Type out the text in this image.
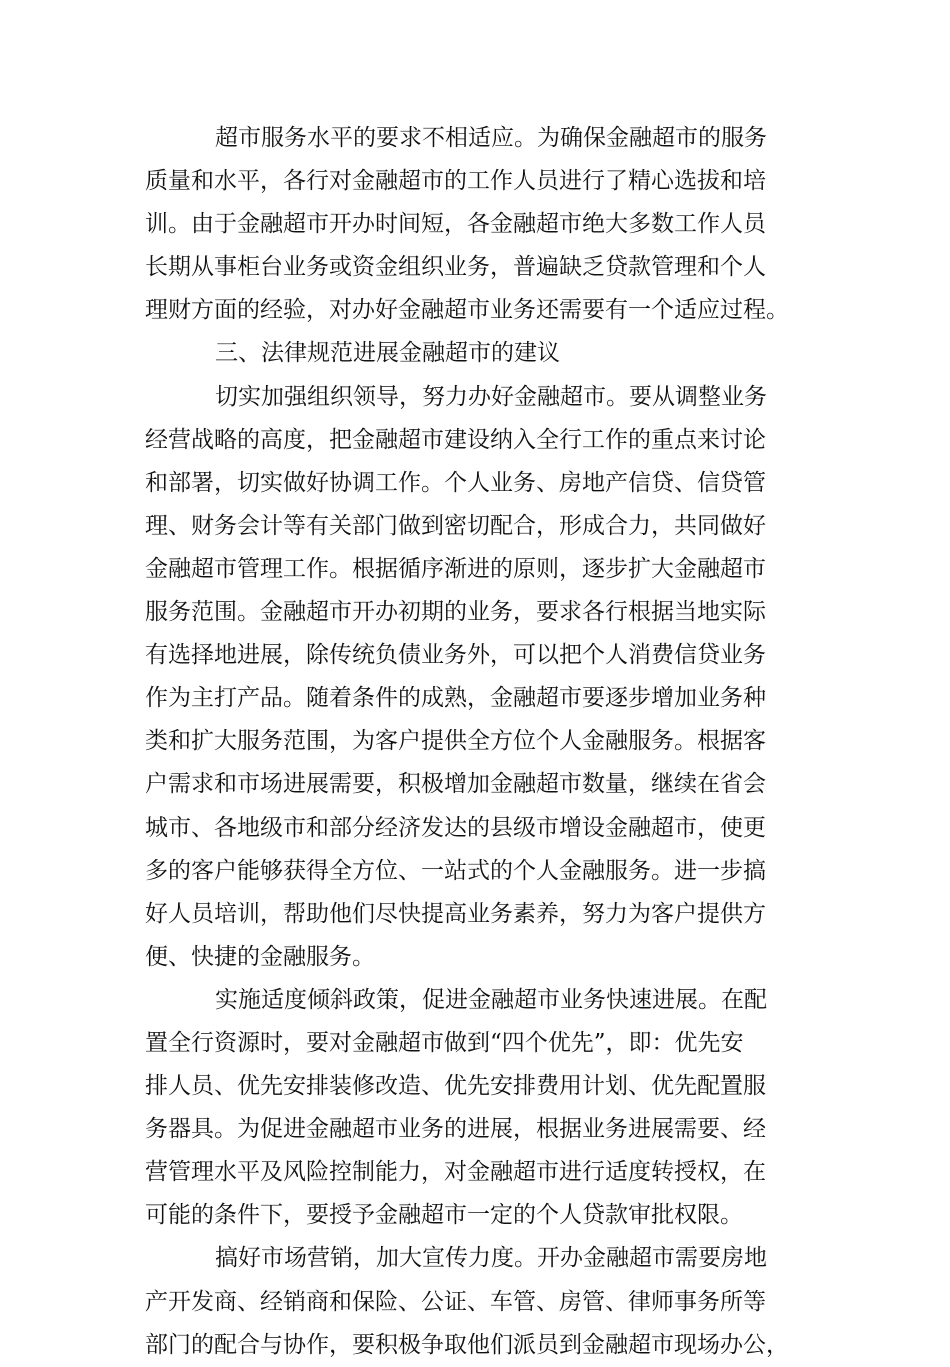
超市服务水平的要求不相适应。为确保金融超市的服务
质量和水平，各行对金融超市的工作人员进行了精心选拔和培
训。由于金融超市开办时间短，各金融超市绝大多数工作人员
长期从事柜台业务或资金组织业务，普遍缺乏贷款管理和个人
理财方面的经验，对办好金融超市业务还需要有一个适应过程。
三、法律规范进展金融超市的建议
切实加强组织领导，努力办好金融超市。要从调整业务
经营战略的高度，把金融超市建设纳入全行工作的重点来讨论
和部署，切实做好协调工作。个人业务、房地产信贷、信贷管
理、财务会计等有关部门做到密切配合，形成合力，共同做好
金融超市管理工作。根据循序渐进的原则，逐步扩大金融超市
服务范围。金融超市开办初期的业务，要求各行根据当地实际
有选择地进展，除传统负债业务外，可以把个人消费信贷业务
作为主打产品。随着条件的成熟，金融超市要逐步增加业务种
类和扩大服务范围，为客户提供全方位个人金融服务。根据客
户需求和市场进展需要，积极增加金融超市数量，继续在省会
城市、各地级市和部分经济发达的县级市增设金融超市，使更
多的客户能够获得全方位、一站式的个人金融服务。进一步搞
好人员培训，帮助他们尽快提高业务素养，努力为客户提供方
便、快捷的金融服务。
实施适度倾斜政策，促进金融超市业务快速进展。在配
置全行资源时，要对金融超市做到“四个优先”，即：优先安
排人员、优先安排装修改造、优先安排费用计划、优先配置服
务器具。为促进金融超市业务的进展，根据业务进展需要、经
营管理水平及风险控制能力，对金融超市进行适度转授权，在
可能的条件下，要授予金融超市一定的个人贷款审批权限。
搞好市场营销，加大宣传力度。开办金融超市需要房地
产开发商、经销商和保险、公证、车管、房管、律师事务所等
部门的配合与协作，要积极争取他们派员到金融超市现场办公，
